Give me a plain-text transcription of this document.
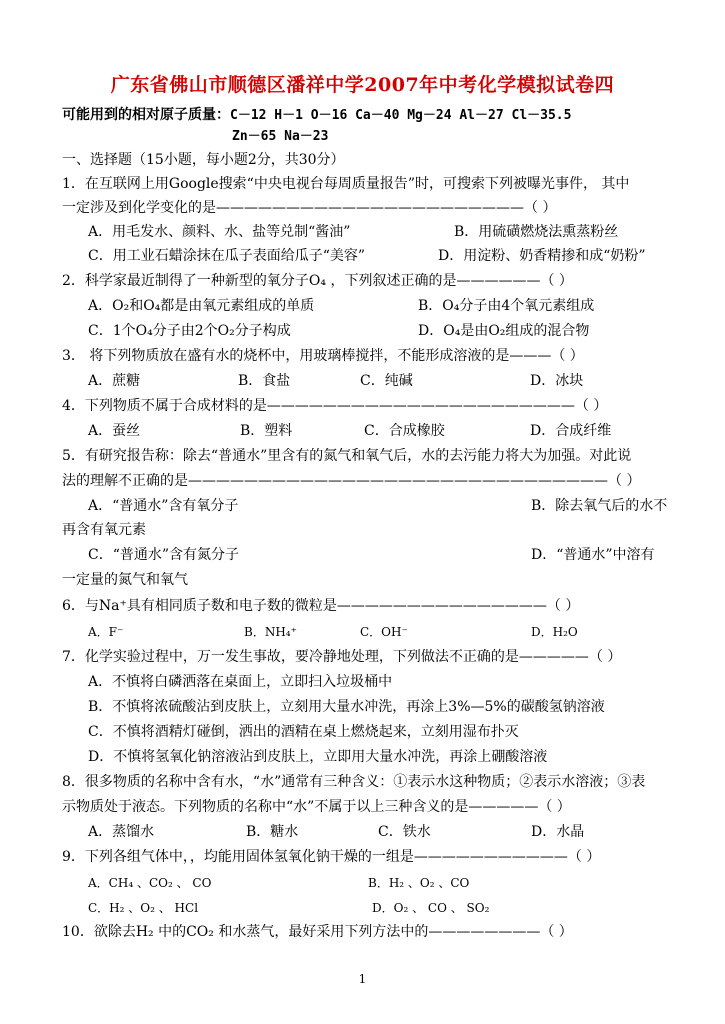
广东省佛山市顺德区潘祥中学2007年中考化学模拟试卷四
可能用到的相对原子质量：C－12 H－1 O－16 Ca－40 Mg－24 Al－27 Cl－35.5
Zn－65 Na－23
一、选择题（15小题，每小题2分，共30分）
1．在互联网上用Google搜索“中央电视台每周质量报告”时，可搜索下列被曝光事件， 其中
一定涉及到化学变化的是——————————————————————（ ）
A．用毛发水、颜料、水、盐等兑制“酱油”	B．用硫磺燃烧法熏蒸粉丝
C．用工业石蜡涂抹在瓜子表面给瓜子“美容”	D．用淀粉、奶香精掺和成“奶粉”
2．科学家最近制得了一种新型的氧分子O₄ ，下列叙述正确的是——————（ ）
A．O₂和O₄都是由氧元素组成的单质	B．O₄分子由4个氧元素组成
C．1个O₄分子由2个O₂分子构成	D．O₄是由O₂组成的混合物
3． 将下列物质放在盛有水的烧杯中，用玻璃棒搅拌，不能形成溶液的是———（ ）
A．蔗糖	B．食盐	C．纯碱	D．冰块
4．下列物质不属于合成材料的是——————————————————————（ ）
A．蚕丝	B．塑料	C．合成橡胶	D．合成纤维
5．有研究报告称：除去“普通水”里含有的氮气和氧气后，水的去污能力将大为加强。对此说
法的理解不正确的是——————————————————————————————（ ）
A．“普通水”含有氧分子	B．除去氧气后的水不
再含有氧元素
C．“普通水”含有氮分子	D．“普通水”中溶有
一定量的氮气和氧气
6．与Na⁺具有相同质子数和电子数的微粒是———————————————（ ）
A．F⁻	B．NH₄⁺	C．OH⁻	D．H₂O
7．化学实验过程中，万一发生事故，要冷静地处理，下列做法不正确的是—————（ ）
A．不慎将白磷洒落在桌面上，立即扫入垃圾桶中
B．不慎将浓硫酸沾到皮肤上，立刻用大量水冲洗，再涂上3%—5%的碳酸氢钠溶液
C．不慎将酒精灯碰倒，洒出的酒精在桌上燃烧起来，立刻用湿布扑灭
D．不慎将氢氧化钠溶液沾到皮肤上，立即用大量水冲洗，再涂上硼酸溶液
8．很多物质的名称中含有水，“水”通常有三种含义：①表示水这种物质；②表示水溶液；③表
示物质处于液态。下列物质的名称中“水”不属于以上三种含义的是—————（ ）
A．蒸馏水	B．糖水	C．铁水	D．水晶
9．下列各组气体中，，均能用固体氢氧化钠干燥的一组是———————————（ ）
A．CH₄ 、CO₂ 、 CO	B．H₂ 、O₂ 、CO
C．H₂ 、O₂ 、 HCl	D．O₂ 、 CO 、 SO₂
10．欲除去H₂ 中的CO₂ 和水蒸气，最好采用下列方法中的————————（ ）
1
